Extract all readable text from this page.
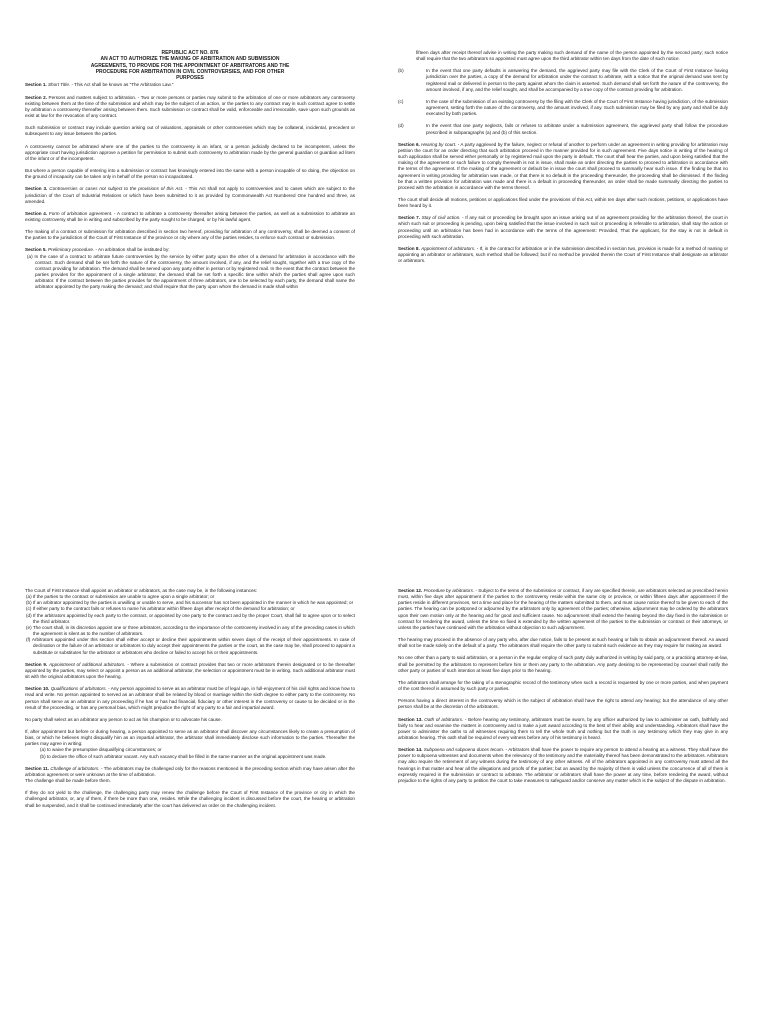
REPUBLIC ACT NO. 876
AN ACT TO AUTHORIZE THE MAKING OF ARBITRATION AND SUBMISSION
AGREEMENTS, TO PROVIDE FOR THE APPOINTMENT OF ARBITRATORS AND THE
PROCEDURE FOR ARBITRATION IN CIVIL CONTROVERSIES, AND FOR OTHER
PURPOSES

Section 1. Short Title. - This Act shall be known as "The Arbitration Law."

Section 2. Persons and matters subject to arbitration. - Two or more persons or parties may submit to the arbitration of one or more arbitrators any controversy existing between them at the time of the submission and which may be the subject of an action, or the parties to any contract may in such contract agree to settle by arbitration a controversy thereafter arising between them. Such submission or contract shall be valid, enforceable and irrevocable, save upon such grounds as exist at law for the revocation of any contract.

Such submission or contract may include question arising out of valuations, appraisals or other controversies which may be collateral, incidental, precedent or subsequent to any issue between the parties.

A controversy cannot be arbitrated where one of the parties to the controversy is an infant, or a person judicially declared to be incompetent, unless the appropriate court having jurisdiction approve a petition for permission to submit such controversy to arbitration made by the general guardian or guardian ad litem of the infant or of the incompetent.

But where a person capable of entering into a submission or contract has knowingly entered into the same with a person incapable of so doing, the objection on the ground of incapacity can be taken only in behalf of the person so incapacitated.

Section 3. Controversies or cases not subject to the provisions of this Act. - This Act shall not apply to controversies and to cases which are subject to the jurisdiction of the Court of Industrial Relations or which have been submitted to it as provided by Commonwealth Act Numbered One hundred and three, as amended.

Section 4. Form of arbitration agreement. - A contract to arbitrate a controversy thereafter arising between the parties, as well as a submission to arbitrate an existing controversy shall be in writing and subscribed by the party sought to be charged, or by his lawful agent.

The making of a contract or submission for arbitration described in section two hereof, providing for arbitration of any controversy, shall be deemed a consent of the parties to the jurisdiction of the Court of First Instance of the province or city where any of the parties resides, to enforce such contract or submission.

Section 5. Preliminary procedure. - An arbitration shall be instituted by:

(a) In the case of a contract to arbitrate future controversies by the service by either party upon the other of a demand for arbitration in accordance with the contract. Such demand shall be set forth the nature of the controversy, the amount involved, if any, and the relief sought, together with a true copy of the contract providing for arbitration. The demand shall be served upon any party either in person or by registered mail. In the event that the contract between the parties provides for the appointment of a single arbitrator, the demand shall be set forth a specific time within which the parties shall agree upon such arbitrator. If the contract between the parties provides for the appointment of three arbitrators, one to be selected by each party, the demand shall name the arbitrator appointed by the party making the demand; and shall require that the party upon whom the demand is made shall within

fifteen days after receipt thereof advise in writing the party making such demand of the name of the person appointed by the second party; such notice shall require that the two arbitrators so appointed must agree upon the third arbitrator within ten days from the date of such notice.

(b)	In the event that one party defaults in answering the demand, the aggrieved party may file with the Clerk of the Court of First Instance having jurisdiction over the parties, a copy of the demand for arbitration under the contract to arbitrate, with a notice that the original demand was sent by registered mail or delivered in person to the party against whom the claim is asserted. Such demand shall set forth the nature of the controversy, the amount involved, if any, and the relief sought, and shall be accompanied by a true copy of the contract providing for arbitration.
(c)	In the case of the submission of an existing controversy by the filing with the Clerk of the Court of First Instance having jurisdiction, of the submission agreement, setting forth the nature of the controversy, and the amount involved, if any. Such submission may be filed by any party and shall be duly executed by both parties.
(d)	In the event that one party neglects, fails or refuses to arbitrate under a submission agreement, the aggrieved party shall follow the procedure prescribed in subparagraphs (a) and (b) of this section.

Section 6. Hearing by court. - A party aggrieved by the failure, neglect or refusal of another to perform under an agreement in writing providing for arbitration may petition the court for an order directing that such arbitration proceed in the manner provided for in such agreement. Five days notice in writing of the hearing of such application shall be served either personally or by registered mail upon the party in default. The court shall hear the parties, and upon being satisfied that the making of the agreement or such failure to comply therewith is not in issue, shall make an order directing the parties to proceed to arbitration in accordance with the terms of the agreement. If the making of the agreement or default be in issue the court shall proceed to summarily hear such issue. If the finding be that no agreement in writing providing for arbitration was made, or that there is no default in the proceeding thereunder, the proceeding shall be dismissed. If the finding be that a written provision for arbitration was made and there is a default in proceeding thereunder, an order shall be made summarily directing the parties to proceed with the arbitration in accordance with the terms thereof.

The court shall decide all motions, petitions or applications filed under the provisions of this Act, within ten days after such motions, petitions, or applications have been heard by it.

Section 7. Stay of civil action. - If any suit or proceeding be brought upon an issue arising out of an agreement providing for the arbitration thereof, the court in which such suit or proceeding is pending, upon being satisfied that the issue involved in such suit or proceeding is referable to arbitration, shall stay the action or proceeding until an arbitration has been had in accordance with the terms of the agreement: Provided, That the applicant, for the stay is not in default in proceeding with such arbitration.

Section 8. Appointment of arbitrators. - If, in the contract for arbitration or in the submission described in section two, provision is made for a method of naming or appointing an arbitrator or arbitrators, such method shall be followed; but if no method be provided therein the Court of First Instance shall designate an arbitrator or arbitrators.

The Court of First Instance shall appoint an arbitrator or arbitrators, as the case may be, in the following instances:

(a) If the parties to the contract or submission are unable to agree upon a single arbitrator; or

(b) If an arbitrator appointed by the parties is unwilling or unable to serve, and his successor has not been appointed in the manner in which he was appointed; or

(c) If either party to the contract fails or refuses to name his arbitrator within fifteen days after receipt of the demand for arbitration; or

(d) If the arbitrators appointed by each party to the contract, or appointed by one party to the contract and by the proper Court, shall fail to agree upon or to select the third arbitrator.

(e) The court shall, in its discretion appoint one or three arbitrators, according to the importance of the controversy involved in any of the preceding cases in which the agreement is silent as to the number of arbitrators.

(f) Arbitrators appointed under this section shall either accept or decline their appointments within seven days of the receipt of their appointments. In case of declination or the failure of an arbitrator or arbitrators to duly accept their appointments the parties or the court, as the case may be, shall proceed to appoint a substitute or substitutes for the arbitrator or arbitrators who decline or failed to accept his or their appointments.

Section 9. Appointment of additional arbitrators. - Where a submission or contract provides that two or more arbitrators therein designated or to be thereafter appointed by the parties, may select or appoint a person as an additional arbitrator, the selection or appointment must be in writing. Such additional arbitrator must sit with the original arbitrators upon the hearing.

Section 10. Qualifications of arbitrators. - Any person appointed to serve as an arbitrator must be of legal age, in full-enjoyment of his civil rights and know how to read and write. No person appointed to served as an arbitrator shall be related by blood or marriage within the sixth degree to either party to the controversy. No person shall serve as an arbitrator in any proceeding if he has or has had financial, fiduciary or other interest in the controversy or cause to be decided or in the result of the proceeding, or has any personal bias, which might prejudice the right of any party to a fair and impartial award.

No party shall select as an arbitrator any person to act as his champion or to advocate his cause.

If, after appointment but before or during hearing, a person appointed to serve as an arbitrator shall discover any circumstances likely to create a presumption of bias, or which he believes might disqualify him as an impartial arbitrator, the arbitrator shall immediately disclose such information to the parties. Thereafter the parties may agree in writing:

(a) to waive the presumptive disqualifying circumstances; or

(b) to declare the office of such arbitrator vacant. Any such vacancy shall be filled in the same manner as the original appointment was made.

Section 11. Challenge of arbitrators. - The arbitrators may be challenged only for the reasons mentioned in the preceding section which may have arisen after the arbitration agreement or were unknown at the time of arbitration.

The challenge shall be made before them.

If they do not yield to the challenge, the challenging party may renew the challenge before the Court of First Instance of the province or city in which the challenged arbitrator, or, any of them, if there be more than one, resides. While the challenging incident is discussed before the court, the hearing or arbitration shall be suspended, and it shall be continued immediately after the court has delivered an order on the challenging incident.

Section 12. Procedure by arbitrators. - Subject to the terms of the submission or contract, if any are specified therein, are arbitrators selected as prescribed herein must, within five days after appointment if the parties to the controversy reside within the same city or province, or within fifteen days after appointment if the parties reside in different provinces, set a time and place for the hearing of the matters submitted to them, and must cause notice thereof to be given to each of the parties. The hearing can be postponed or adjourned by the arbitrators only by agreement of the parties; otherwise, adjournment may be ordered by the arbitrators upon their own motion only at the hearing and for good and sufficient cause. No adjournment shall extend the hearing beyond the day fixed in the submission or contract for rendering the award, unless the time so fixed is extended by the written agreement of the parties to the submission or contract or their attorneys, or unless the parties have continued with the arbitration without objection to such adjournment.

The hearing may proceed in the absence of any party who, after due notice, fails to be present at such hearing or fails to obtain an adjournment thereof. An award shall not be made solely on the default of a party. The arbitrators shall require the other party to submit such evidence as they may require for making an award.

No one other than a party to said arbitration, or a person in the regular employ of such party duly authorized in writing by said party, or a practicing attorney-at-law, shall be permitted by the arbitrators to represent before him or them any party to the arbitration. Any party desiring to be represented by counsel shall notify the other party or parties of such intention at least five days prior to the hearing.

The arbitrators shall arrange for the taking of a stenographic record of the testimony when such a record is requested by one or more parties, and when payment of the cost thereof is assumed by such party or parties.

Persons having a direct interest in the controversy which is the subject of arbitration shall have the right to attend any hearing; but the attendance of any other person shall be at the discretion of the arbitrators.

Section 13. Oath of arbitrators. - Before hearing any testimony, arbitrators must be sworn, by any officer authorized by law to administer an oath, faithfully and fairly to hear and examine the matters in controversy and to make a just award according to the best of their ability and understanding. Arbitrators shall have the power to administer the oaths to all witnesses requiring them to tell the whole truth and nothing but the truth in any testimony which they may give in any arbitration hearing. This oath shall be required of every witness before any of his testimony is heard.

Section 14. Subpoena and subpoena duces tecum. - Arbitrators shall have the power to require any person to attend a hearing as a witness. They shall have the power to subpoena witnesses and documents when the relevancy of the testimony and the materiality thereof has been demonstrated to the arbitrators. Arbitrators may also require the retirement of any witness during the testimony of any other witness. All of the arbitrators appointed in any controversy must attend all the hearings in that matter and hear all the allegations and proofs of the parties; but an award by the majority of them is valid unless the concurrence of all of them is expressly required in the submission or contract to arbitrate. The arbitrator or arbitrators shall have the power at any time, before rendering the award, without prejudice to the rights of any party to petition the court to take measures to safeguard and/or conserve any matter which is the subject of the dispute in arbitration.
